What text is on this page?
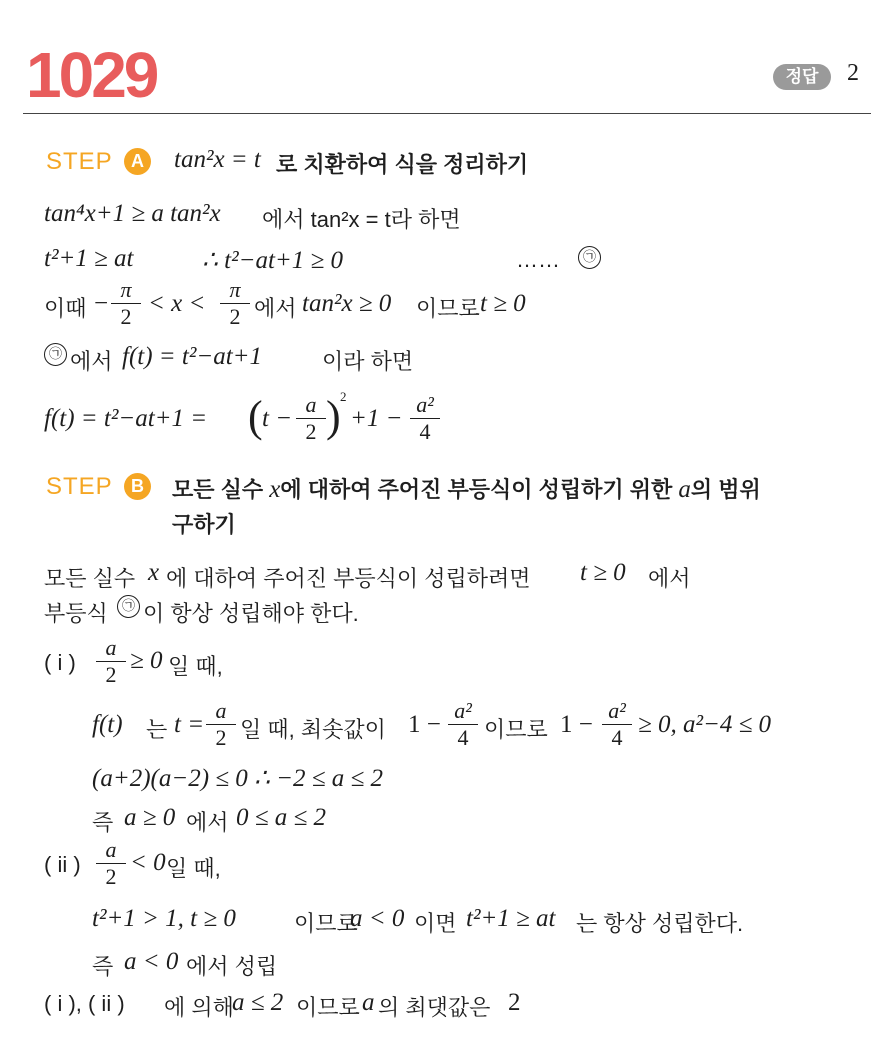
1029	정답	2
STEP	A tan²x = t 로 치환하여 식을 정리하기
tan⁴x+1 ≥ a tan²x 에서 tan²x = t라 하면
t²+1 ≥ at	∴ t²−at+1 ≥ 0	……	㉠
이때 −
π
2 < x <
π
2 에서 tan²x ≥ 0 이므로 t ≥ 0
㉠ 에서 f(t) = t²−at+1	이라 하면
f(t) = t²−at+1 = ( t −
a
2 ) 2
+1 −
a²
4
STEP	B	모든 실수 x에 대하여 주어진 부등식이 성립하기 위한 a의 범위
구하기
모든 실수 x 에 대하여 주어진 부등식이 성립하려면 t ≥ 0 에서
부등식	㉠ 이 항상 성립해야 한다.
( i )
a
2
≥ 0 일 때,
f(t) 는 t =
a
2 일 때, 최솟값이 1 −
a²
4 이므로 1 −
a²
4 ≥ 0, a²−4 ≤ 0
(a+2)(a−2) ≤ 0 ∴ −2 ≤ a ≤ 2
즉 a ≥ 0 에서 0 ≤ a ≤ 2
( ii )
a
2
< 0 일 때,
t²+1 > 1, t ≥ 0	이므로
a < 0 이면 t²+1 ≥ at 는 항상 성립한다.
즉 a < 0 에서 성립
( i ), ( ii ) 에 의해
a ≤ 2 이므로 a 의 최댓값은 2
